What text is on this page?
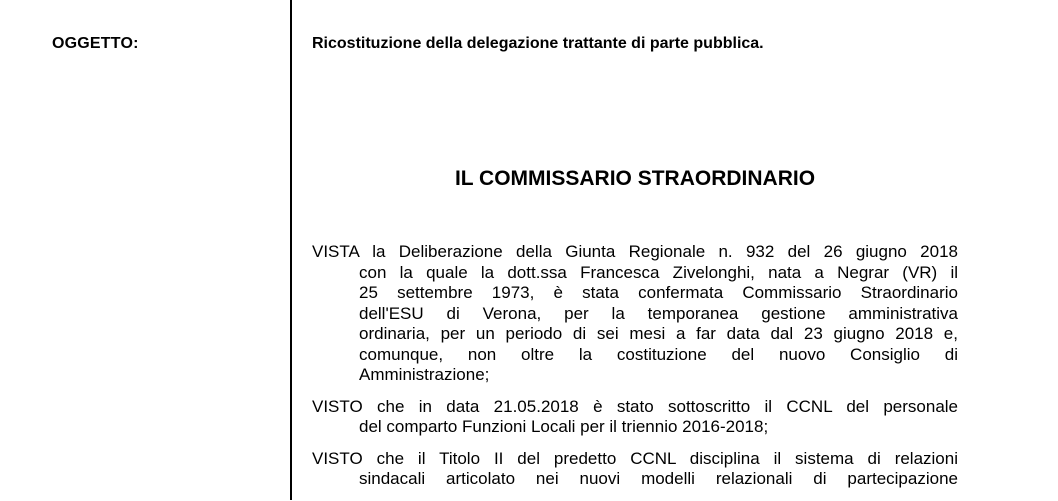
OGGETTO:	Ricostituzione della delegazione trattante di parte pubblica.
IL COMMISSARIO STRAORDINARIO
VISTA la Deliberazione della Giunta Regionale n. 932 del 26 giugno 2018
con la quale la dott.ssa Francesca Zivelonghi, nata a Negrar (VR) il
25 settembre 1973, è stata confermata Commissario Straordinario
dell'ESU di Verona, per la temporanea gestione amministrativa
ordinaria, per un periodo di sei mesi a far data dal 23 giugno 2018 e,
comunque, non oltre la costituzione del nuovo Consiglio di
Amministrazione;
VISTO che in data 21.05.2018 è stato sottoscritto il CCNL del personale
del comparto Funzioni Locali per il triennio 2016-2018;
VISTO che il Titolo II del predetto CCNL disciplina il sistema di relazioni
sindacali articolato nei nuovi modelli relazionali di partecipazione
